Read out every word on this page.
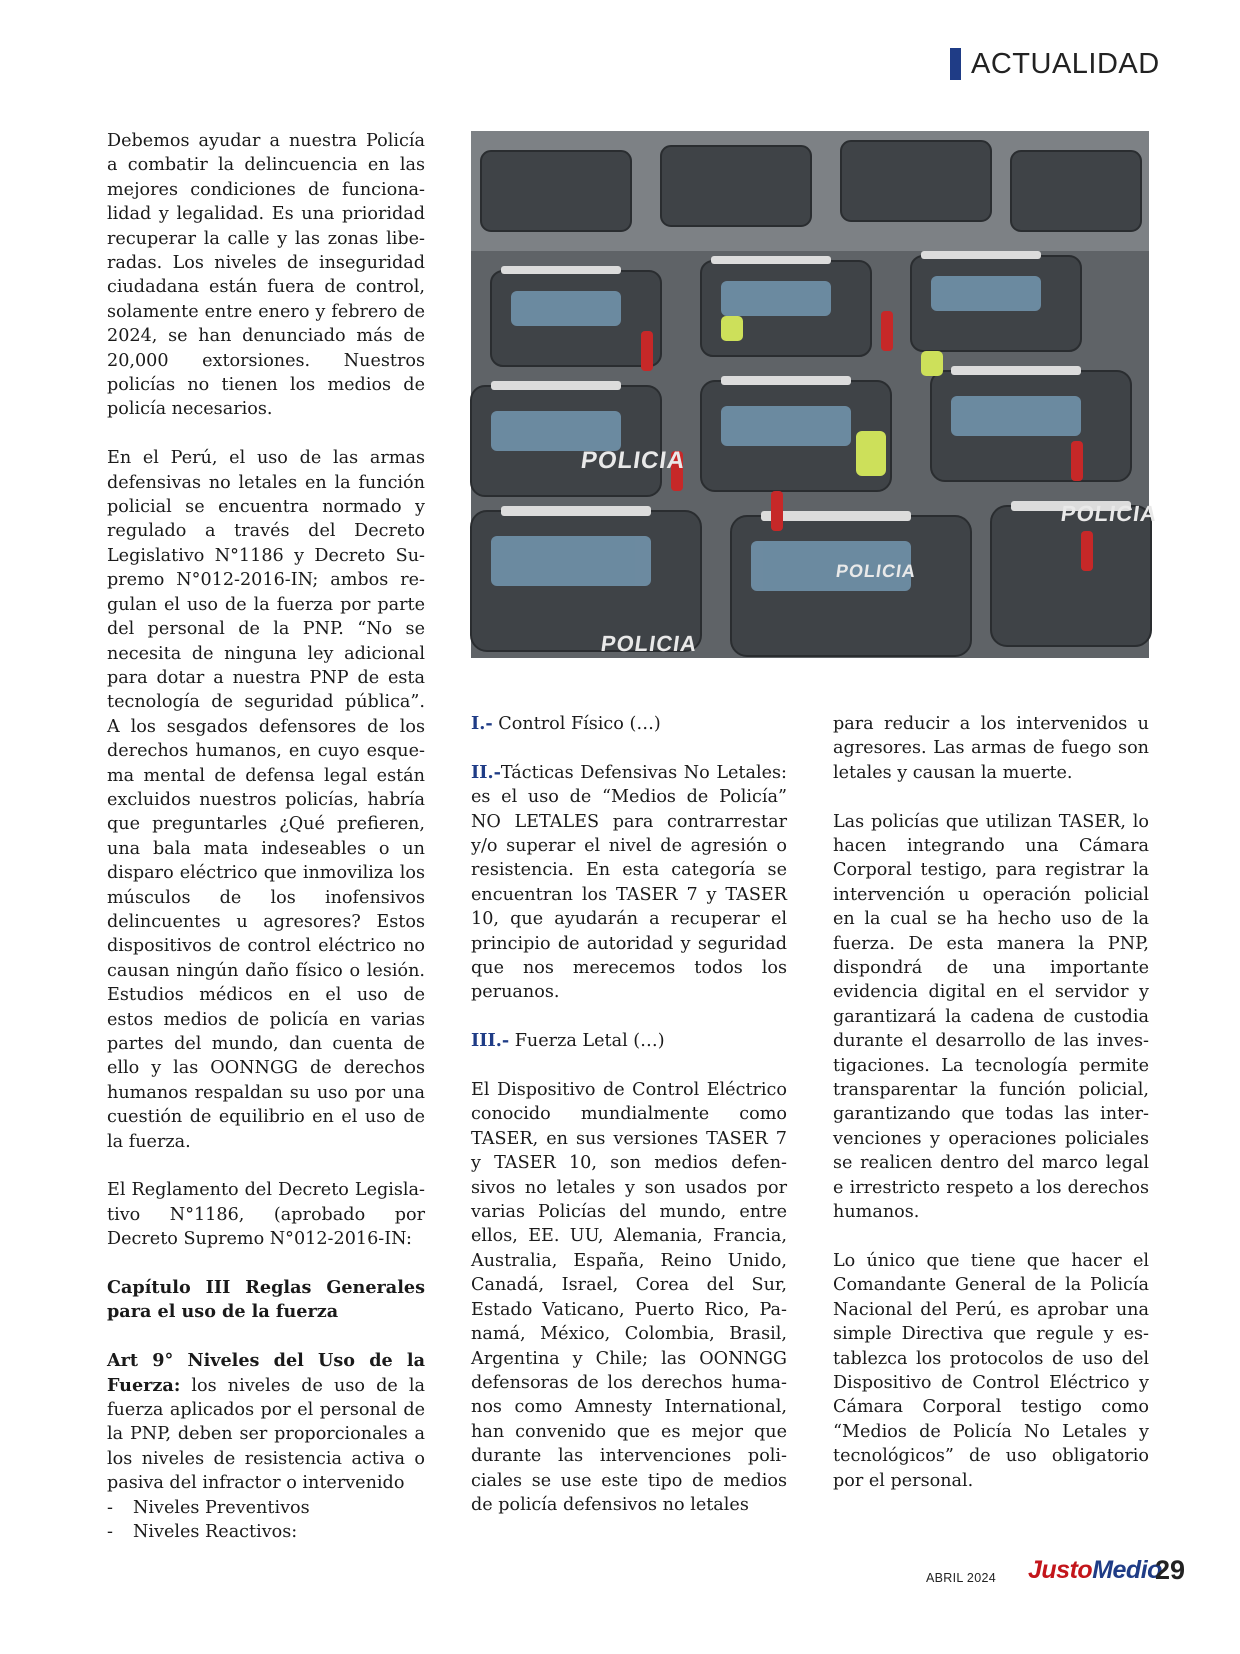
ACTUALIDAD

Debemos ayudar a nuestra Policía a combatir la delincuencia en las mejores condiciones de funcionalidad y legalidad. Es una prioridad recuperar la calle y las zonas liberadas. Los niveles de inseguridad ciudadana están fuera de control, solamente entre enero y febrero de 2024, se han denunciado más de 20,000 extorsiones. Nuestros policías no tienen los medios de policía necesarios.

En el Perú, el uso de las armas defensivas no letales en la función policial se encuentra normado y regulado a través del Decreto Legislativo N°1186 y Decreto Supremo N°012-2016-IN; ambos regulan el uso de la fuerza por parte del personal de la PNP. “No se necesita de ninguna ley adicional para dotar a nuestra PNP de esta tecnología de seguridad pública”. A los sesgados defensores de los derechos humanos, en cuyo esquema mental de defensa legal están excluidos nuestros policías, habría que preguntarles ¿Qué prefieren, una bala mata indeseables o un disparo eléctrico que inmoviliza los músculos de los inofensivos delincuentes u agresores? Estos dispositivos de control eléctrico no causan ningún daño físico o lesión. Estudios médicos en el uso de estos medios de policía en varias partes del mundo, dan cuenta de ello y las OONNGG de derechos humanos respaldan su uso por una cuestión de equilibrio en el uso de la fuerza.

El Reglamento del Decreto Legislativo N°1186, (aprobado por Decreto Supremo N°012-2016-IN:

Capítulo III Reglas Generales para el uso de la fuerza

Art 9° Niveles del Uso de la Fuerza: los niveles de uso de la fuerza aplicados por el personal de la PNP, deben ser proporcionales a los niveles de resistencia activa o pasiva del infractor o intervenido

- Niveles Preventivos
- Niveles Reactivos:
POLICIA
POLICIA
POLICIA
POLICIA

I.- Control Físico (…)

II.-Tácticas Defensivas No Letales: es el uso de “Medios de Policía” NO LETALES para contrarrestar y/o superar el nivel de agresión o resistencia. En esta categoría se encuentran los TASER 7 y TASER 10, que ayudarán a recuperar el principio de autoridad y seguridad que nos merecemos todos los peruanos.

III.- Fuerza Letal (…)

El Dispositivo de Control Eléctrico conocido mundialmente como TASER, en sus versiones TASER 7 y TASER 10, son medios defensivos no letales y son usados por varias Policías del mundo, entre ellos, EE. UU, Alemania, Francia, Australia, España, Reino Unido, Canadá, Israel, Corea del Sur, Estado Vaticano, Puerto Rico, Panamá, México, Colombia, Brasil, Argentina y Chile; las OONNGG defensoras de los derechos humanos como Amnesty International, han convenido que es mejor que durante las intervenciones policiales se use este tipo de medios de policía defensivos no letales

para reducir a los intervenidos u agresores. Las armas de fuego son letales y causan la muerte.

Las policías que utilizan TASER, lo hacen integrando una Cámara Corporal testigo, para registrar la intervención u operación policial en la cual se ha hecho uso de la fuerza. De esta manera la PNP, dispondrá de una importante evidencia digital en el servidor y garantizará la cadena de custodia durante el desarrollo de las investigaciones. La tecnología permite transparentar la función policial, garantizando que todas las intervenciones y operaciones policiales se realicen dentro del marco legal e irrestricto respeto a los derechos humanos.

Lo único que tiene que hacer el Comandante General de la Policía Nacional del Perú, es aprobar una simple Directiva que regule y establezca los protocolos de uso del Dispositivo de Control Eléctrico y Cámara Corporal testigo como “Medios de Policía No Letales y tecnológicos” de uso obligatorio por el personal.

ABRIL 2024 JustoMedio
29
